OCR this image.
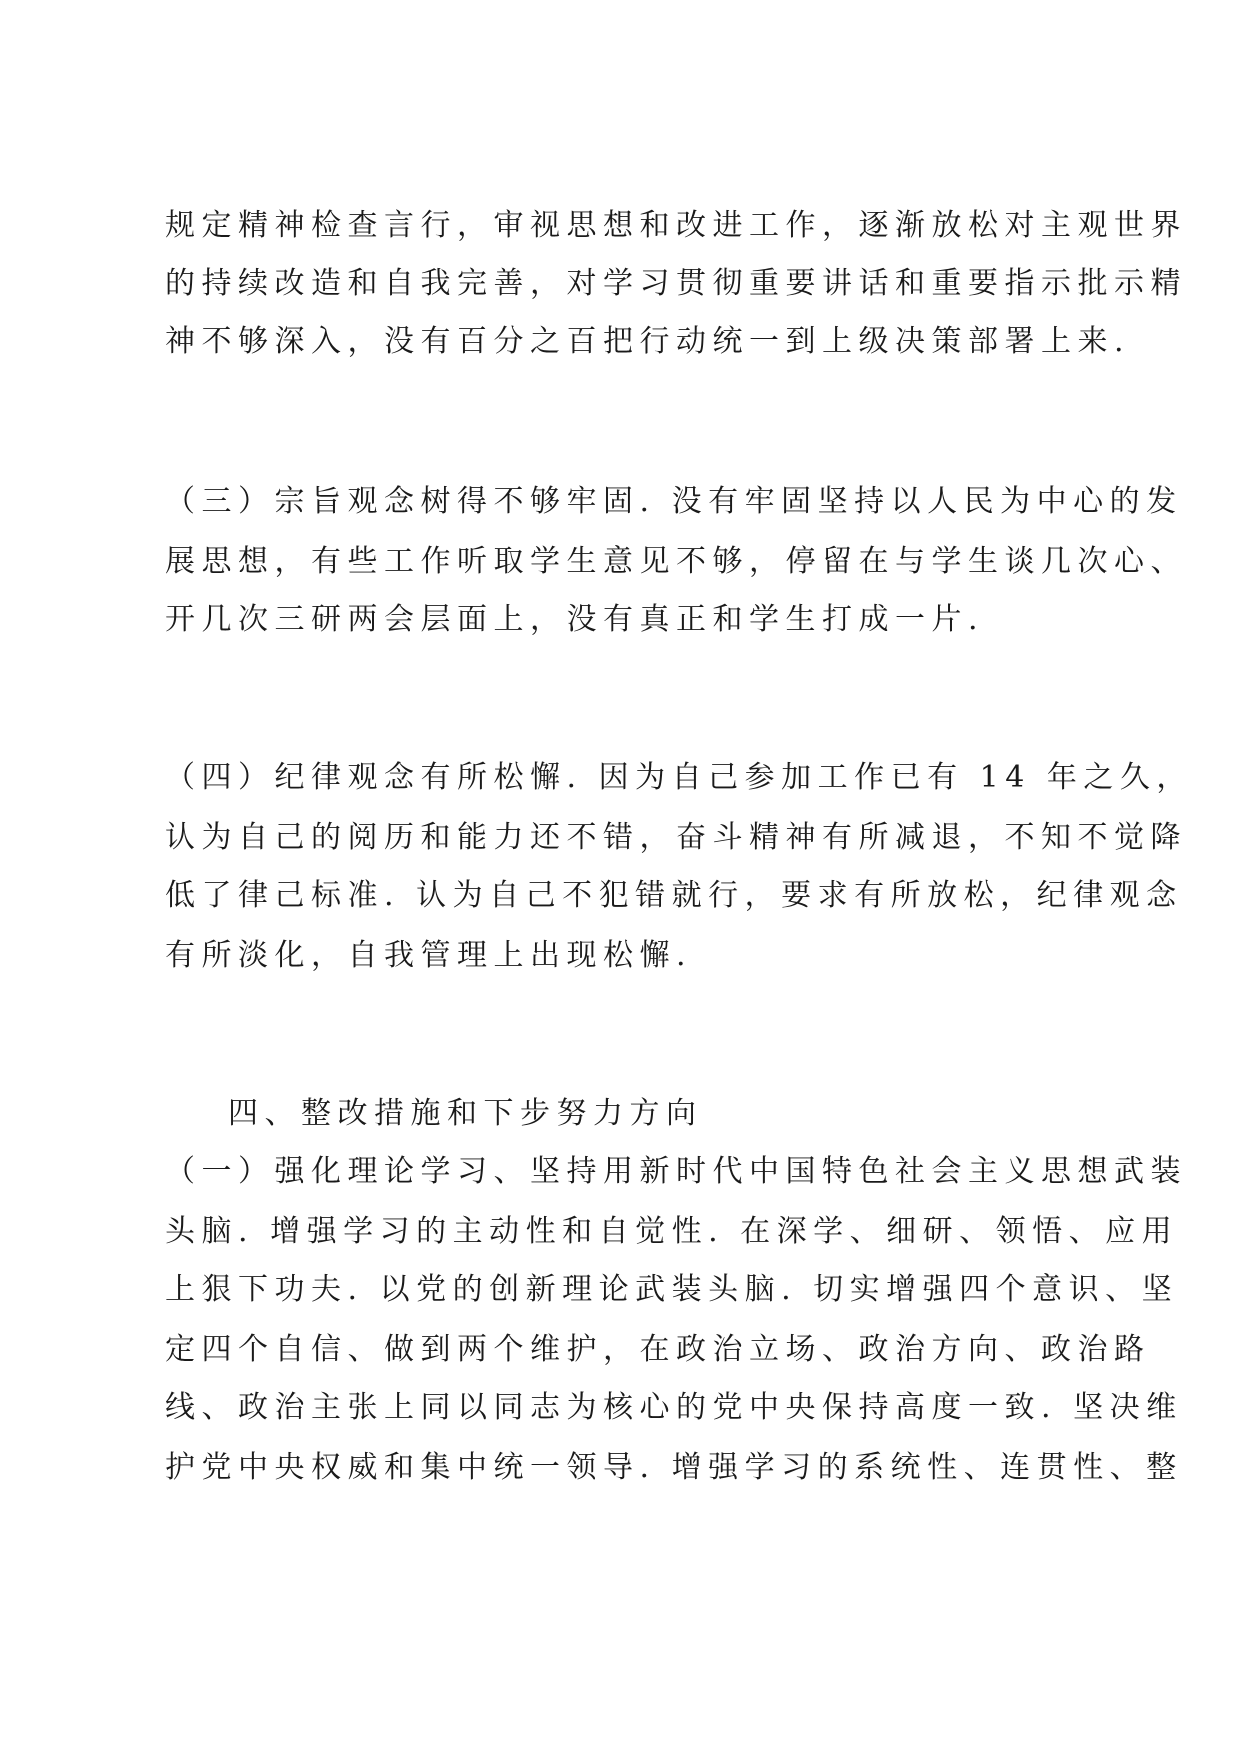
规定精神检查言行，审视思想和改进工作，逐渐放松对主观世界

的持续改造和自我完善，对学习贯彻重要讲话和重要指示批示精

神不够深入，没有百分之百把行动统一到上级决策部署上来.

（三）宗旨观念树得不够牢固. 没有牢固坚持以人民为中心的发

展思想，有些工作听取学生意见不够，停留在与学生谈几次心、

开几次三研两会层面上，没有真正和学生打成一片.

（四）纪律观念有所松懈. 因为自己参加工作已有 14 年之久，

认为自己的阅历和能力还不错，奋斗精神有所减退，不知不觉降

低了律己标准. 认为自己不犯错就行，要求有所放松，纪律观念

有所淡化，自我管理上出现松懈.

四、整改措施和下步努力方向

（一）强化理论学习、坚持用新时代中国特色社会主义思想武装

头脑. 增强学习的主动性和自觉性. 在深学、细研、领悟、应用

上狠下功夫. 以党的创新理论武装头脑. 切实增强四个意识、坚

定四个自信、做到两个维护，在政治立场、政治方向、政治路

线、政治主张上同以同志为核心的党中央保持高度一致. 坚决维

护党中央权威和集中统一领导. 增强学习的系统性、连贯性、整
